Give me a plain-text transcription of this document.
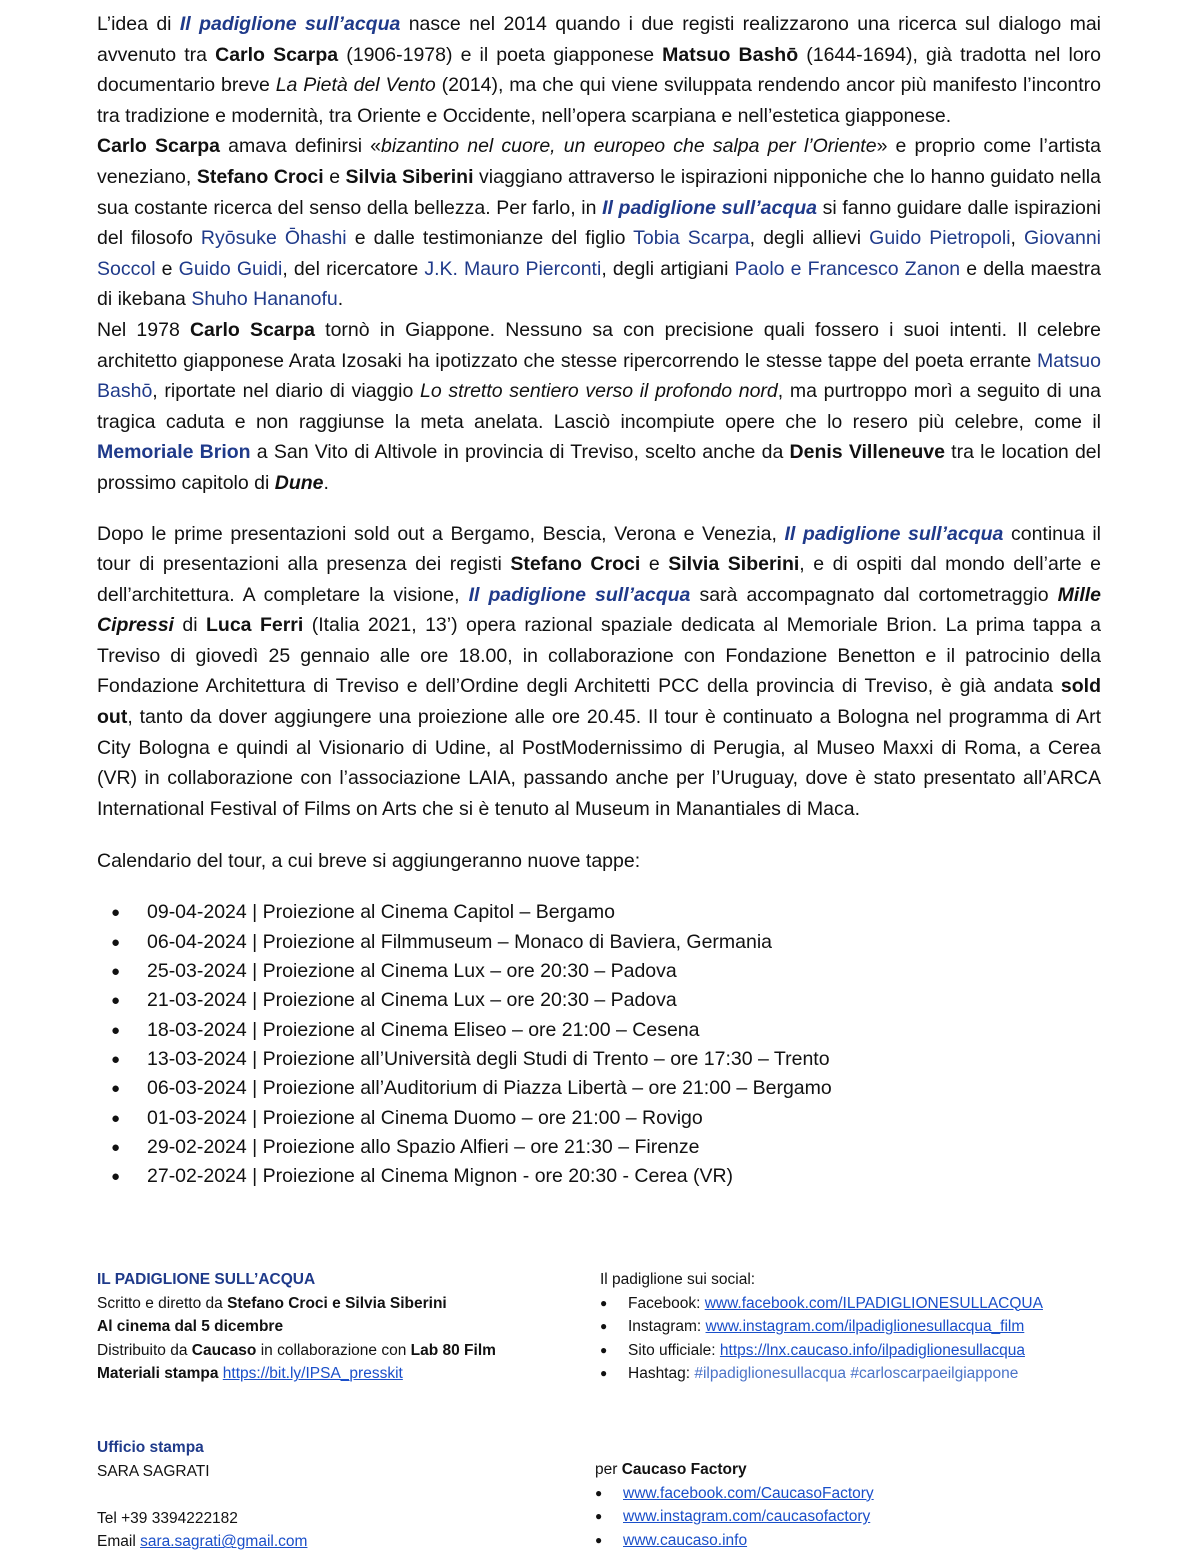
L’idea di Il padiglione sull’acqua nasce nel 2014 quando i due registi realizzarono una ricerca sul dialogo mai avvenuto tra Carlo Scarpa (1906-1978) e il poeta giapponese Matsuo Bashō (1644-1694), già tradotta nel loro documentario breve La Pietà del Vento (2014), ma che qui viene sviluppata rendendo ancor più manifesto l’incontro tra tradizione e modernità, tra Oriente e Occidente, nell’opera scarpiana e nell’estetica giapponese.

Carlo Scarpa amava definirsi «bizantino nel cuore, un europeo che salpa per l’Oriente» e proprio come l’artista veneziano, Stefano Croci e Silvia Siberini viaggiano attraverso le ispirazioni nipponiche che lo hanno guidato nella sua costante ricerca del senso della bellezza. Per farlo, in Il padiglione sull’acqua si fanno guidare dalle ispirazioni del filosofo Ryōsuke Ōhashi e dalle testimonianze del figlio Tobia Scarpa, degli allievi Guido Pietropoli, Giovanni Soccol e Guido Guidi, del ricercatore J.K. Mauro Pierconti, degli artigiani Paolo e Francesco Zanon e della maestra di ikebana Shuho Hananofu.

Nel 1978 Carlo Scarpa tornò in Giappone. Nessuno sa con precisione quali fossero i suoi intenti. Il celebre architetto giapponese Arata Izosaki ha ipotizzato che stesse ripercorrendo le stesse tappe del poeta errante Matsuo Bashō, riportate nel diario di viaggio Lo stretto sentiero verso il profondo nord, ma purtroppo morì a seguito di una tragica caduta e non raggiunse la meta anelata. Lasciò incompiute opere che lo resero più celebre, come il Memoriale Brion a San Vito di Altivole in provincia di Treviso, scelto anche da Denis Villeneuve tra le location del prossimo capitolo di Dune.

Dopo le prime presentazioni sold out a Bergamo, Bescia, Verona e Venezia, Il padiglione sull’acqua continua il tour di presentazioni alla presenza dei registi Stefano Croci e Silvia Siberini, e di ospiti dal mondo dell’arte e dell’architettura. A completare la visione, Il padiglione sull’acqua sarà accompagnato dal cortometraggio Mille Cipressi di Luca Ferri (Italia 2021, 13’) opera razional spaziale dedicata al Memoriale Brion. La prima tappa a Treviso di giovedì 25 gennaio alle ore 18.00, in collaborazione con Fondazione Benetton e il patrocinio della Fondazione Architettura di Treviso e dell’Ordine degli Architetti PCC della provincia di Treviso, è già andata sold out, tanto da dover aggiungere una proiezione alle ore 20.45. Il tour è continuato a Bologna nel programma di Art City Bologna e quindi al Visionario di Udine, al PostModernissimo di Perugia, al Museo Maxxi di Roma, a Cerea (VR) in collaborazione con l’associazione LAIA, passando anche per l’Uruguay, dove è stato presentato all’ARCA International Festival of Films on Arts che si è tenuto al Museum in Manantiales di Maca.

Calendario del tour, a cui breve si aggiungeranno nuove tappe:

● 09-04-2024 | Proiezione al Cinema Capitol – Bergamo
● 06-04-2024 | Proiezione al Filmmuseum – Monaco di Baviera, Germania
● 25-03-2024 | Proiezione al Cinema Lux – ore 20:30 – Padova
● 21-03-2024 | Proiezione al Cinema Lux – ore 20:30 – Padova
● 18-03-2024 | Proiezione al Cinema Eliseo – ore 21:00 – Cesena
● 13-03-2024 | Proiezione all’Università degli Studi di Trento – ore 17:30 – Trento
● 06-03-2024 | Proiezione all’Auditorium di Piazza Libertà – ore 21:00 – Bergamo
● 01-03-2024 | Proiezione al Cinema Duomo – ore 21:00 – Rovigo
● 29-02-2024 | Proiezione allo Spazio Alfieri – ore 21:30 – Firenze
● 27-02-2024 | Proiezione al Cinema Mignon - ore 20:30 - Cerea (VR)
IL PADIGLIONE SULL’ACQUA
Scritto e diretto da Stefano Croci e Silvia Siberini
Al cinema dal 5 dicembre
Distribuito da Caucaso in collaborazione con Lab 80 Film
Materiali stampa https://bit.ly/IPSA_presskit
Il padiglione sui social:
● Facebook: www.facebook.com/ILPADIGLIONESULLACQUA
● Instagram: www.instagram.com/ilpadiglionesullacqua_film
● Sito ufficiale: https://lnx.caucaso.info/ilpadiglionesullacqua
● Hashtag: #ilpadiglionesullacqua #carloscarpaeilgiappone
Ufficio stampa
SARA SAGRATI

Tel +39 3394222182
Email sara.sagrati@gmail.com
per Caucaso Factory
● www.facebook.com/CaucasoFactory
● www.instagram.com/caucasofactory
● www.caucaso.info
